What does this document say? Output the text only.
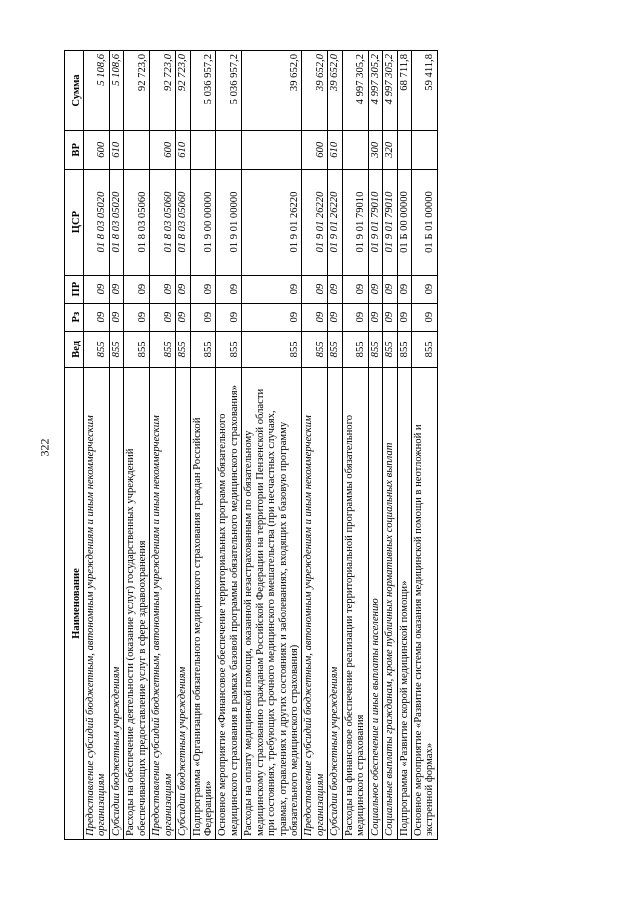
322
Наименование	Вед	Рз	ПР	ЦСР	ВР	Сумма
Предоставление субсидий бюджетным, автономным учреждениям и иным некоммерческим организациям	855	09	09	01 8 03 05020	600	5 108,6
Субсидии бюджетным учреждениям	855	09	09	01 8 03 05020	610	5 108,6
Расходы на обеспечение деятельности (оказание услуг) государственных учреждений обеспечивающих предоставление услуг в сфере здравоохранения	855	09	09	01 8 03 05060		92 723,0
Предоставление субсидий бюджетным, автономным учреждениям и иным некоммерческим организациям	855	09	09	01 8 03 05060	600	92 723,0
Субсидии бюджетным учреждениям	855	09	09	01 8 03 05060	610	92 723,0
Подпрограмма «Организация обязательного медицинского страхования граждан Российской Федерации»	855	09	09	01 9 00 00000		5 036 957,2
Основное мероприятие «Финансовое обеспечение территориальных программ обязательного медицинского страхования в рамках базовой программы обязательного медицинского страхования»	855	09	09	01 9 01 00000		5 036 957,2
Расходы на оплату медицинской помощи, оказанной незастрахованным по обязательному медицинскому страхованию гражданам Российской Федерации на территории Пензенской области при состояниях, требующих срочного медицинского вмешательства (при несчастных случаях, травмах, отравлениях и других состояниях и заболеваниях, входящих в базовую программу обязательного медицинского страхования)	855	09	09	01 9 01 26220		39 652,0
Предоставление субсидий бюджетным, автономным учреждениям и иным некоммерческим организациям	855	09	09	01 9 01 26220	600	39 652,0
Субсидии бюджетным учреждениям	855	09	09	01 9 01 26220	610	39 652,0
Расходы на финансовое обеспечение реализации территориальной программы обязательного медицинского страхования	855	09	09	01 9 01 79010		4 997 305,2
Социальное обеспечение и иные выплаты населению	855	09	09	01 9 01 79010	300	4 997 305,2
Социальные выплаты гражданам, кроме публичных нормативных социальных выплат	855	09	09	01 9 01 79010	320	4 997 305,2
Подпрограмма «Развитие скорой медицинской помощи»	855	09	09	01 Б 00 00000		68 711,8
Основное мероприятие «Развитие системы оказания медицинской помощи в неотложной и экстренной формах»	855	09	09	01 Б 01 00000		59 411,8
